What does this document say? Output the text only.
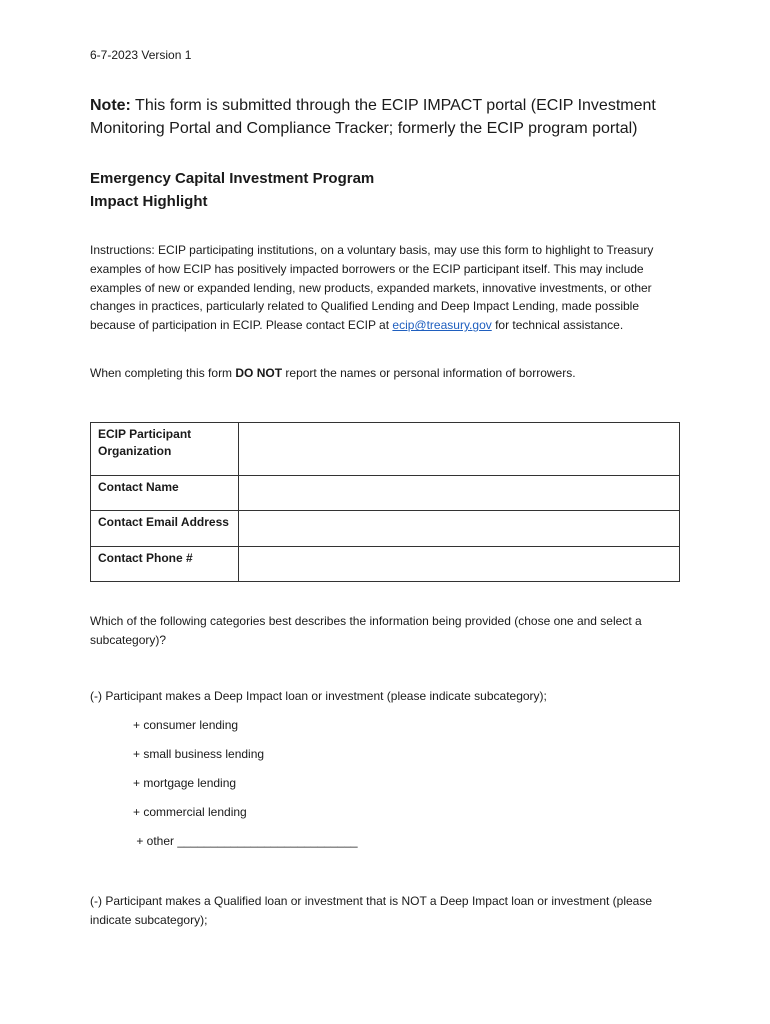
6-7-2023 Version 1
Note: This form is submitted through the ECIP IMPACT portal (ECIP Investment Monitoring Portal and Compliance Tracker; formerly the ECIP program portal)
Emergency Capital Investment Program
Impact Highlight
Instructions: ECIP participating institutions, on a voluntary basis, may use this form to highlight to Treasury examples of how ECIP has positively impacted borrowers or the ECIP participant itself. This may include examples of new or expanded lending, new products, expanded markets, innovative investments, or other changes in practices, particularly related to Qualified Lending and Deep Impact Lending, made possible because of participation in ECIP. Please contact ECIP at ecip@treasury.gov for technical assistance.
When completing this form DO NOT report the names or personal information of borrowers.
ECIP Participant Organization	
Contact Name	
Contact Email Address	
Contact Phone #	
Which of the following categories best describes the information being provided (chose one and select a subcategory)?
(-) Participant makes a Deep Impact loan or investment (please indicate subcategory);
+ consumer lending
+ small business lending
+ mortgage lending
+ commercial lending
+ other ___________________________
(-) Participant makes a Qualified loan or investment that is NOT a Deep Impact loan or investment (please indicate subcategory);
